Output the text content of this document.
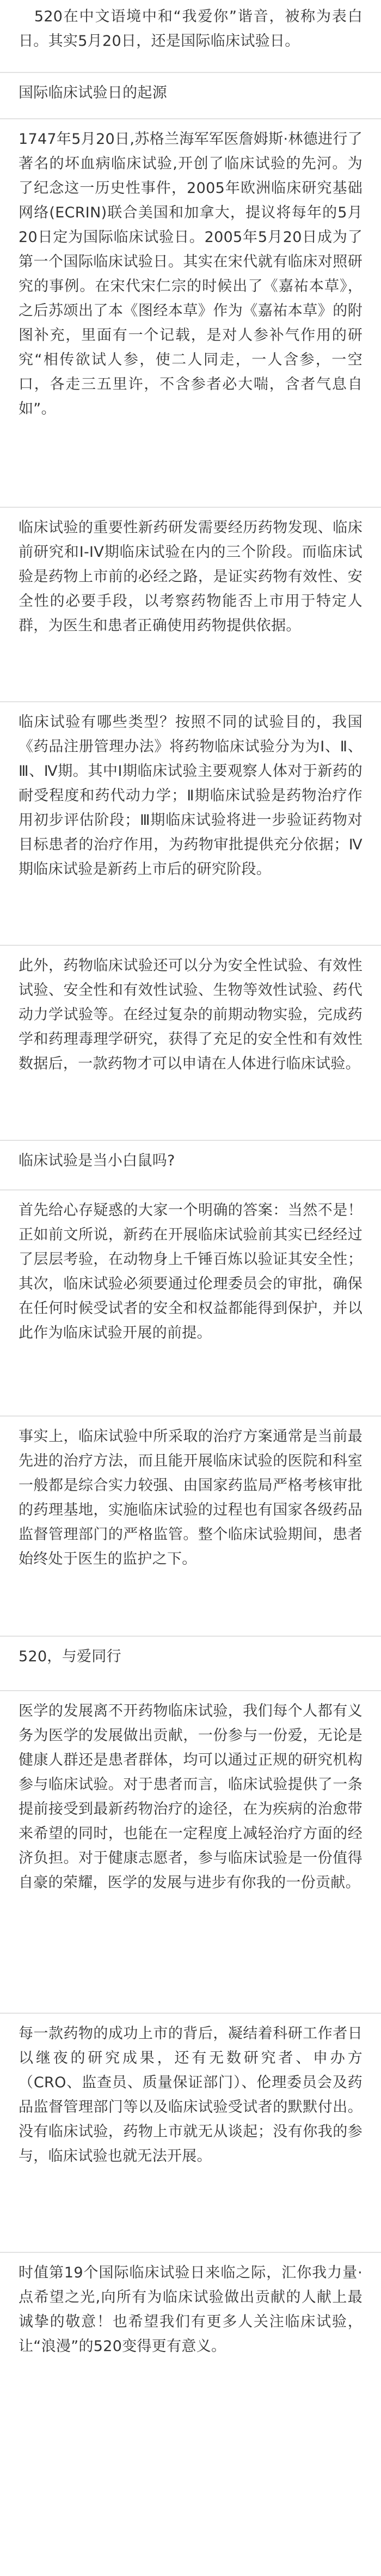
　520在中文语境中和“我爱你”谐音，被称为表白日。其实5月20日，还是国际临床试验日。

国际临床试验日的起源

1747年5月20日,苏格兰海军军医詹姆斯·林德进行了著名的坏血病临床试验,开创了临床试验的先河。为了纪念这一历史性事件，2005年欧洲临床研究基础网络(ECRIN)联合美国和加拿大，提议将每年的5月20日定为国际临床试验日。2005年5月20日成为了第一个国际临床试验日。其实在宋代就有临床对照研究的事例。在宋代宋仁宗的时候出了《嘉祐本草》，之后苏颂出了本《图经本草》作为《嘉祐本草》的附图补充，里面有一个记载，是对人参补气作用的研究“相传欲试人参，使二人同走，一人含参，一空口，各走三五里许，不含参者必大喘，含者气息自如”。

临床试验的重要性新药研发需要经历药物发现、临床前研究和I-IV期临床试验在内的三个阶段。而临床试验是药物上市前的必经之路，是证实药物有效性、安全性的必要手段，以考察药物能否上市用于特定人群，为医生和患者正确使用药物提供依据。

临床试验有哪些类型？按照不同的试验目的，我国《药品注册管理办法》将药物临床试验分为为Ⅰ、Ⅱ、Ⅲ、Ⅳ期。其中Ⅰ期临床试验主要观察人体对于新药的耐受程度和药代动力学；Ⅱ期临床试验是药物治疗作用初步评估阶段；Ⅲ期临床试验将进一步验证药物对目标患者的治疗作用，为药物审批提供充分依据；Ⅳ期临床试验是新药上市后的研究阶段。

此外，药物临床试验还可以分为安全性试验、有效性试验、安全性和有效性试验、生物等效性试验、药代动力学试验等。在经过复杂的前期动物实验，完成药学和药理毒理学研究，获得了充足的安全性和有效性数据后，一款药物才可以申请在人体进行临床试验。

临床试验是当小白鼠吗?

首先给心存疑惑的大家一个明确的答案：当然不是！正如前文所说，新药在开展临床试验前其实已经经过了层层考验，在动物身上千锤百炼以验证其安全性；其次，临床试验必须要通过伦理委员会的审批，确保在任何时候受试者的安全和权益都能得到保护，并以此作为临床试验开展的前提。

事实上，临床试验中所采取的治疗方案通常是当前最先进的治疗方法，而且能开展临床试验的医院和科室一般都是综合实力较强、由国家药监局严格考核审批的药理基地，实施临床试验的过程也有国家各级药品监督管理部门的严格监管。整个临床试验期间，患者始终处于医生的监护之下。

520，与爱同行

医学的发展离不开药物临床试验，我们每个人都有义务为医学的发展做出贡献，一份参与一份爱，无论是健康人群还是患者群体，均可以通过正规的研究机构参与临床试验。对于患者而言，临床试验提供了一条提前接受到最新药物治疗的途径，在为疾病的治愈带来希望的同时，也能在一定程度上减轻治疗方面的经济负担。对于健康志愿者，参与临床试验是一份值得自豪的荣耀，医学的发展与进步有你我的一份贡献。

每一款药物的成功上市的背后，凝结着科研工作者日以继夜的研究成果，还有无数研究者、申办方（CRO、监查员、质量保证部门）、伦理委员会及药品监督管理部门等以及临床试验受试者的默默付出。没有临床试验，药物上市就无从谈起；没有你我的参与，临床试验也就无法开展。

时值第19个国际临床试验日来临之际，汇你我力量·点希望之光,向所有为临床试验做出贡献的人献上最诚挚的敬意！也希望我们有更多人关注临床试验，让“浪漫”的520变得更有意义。
